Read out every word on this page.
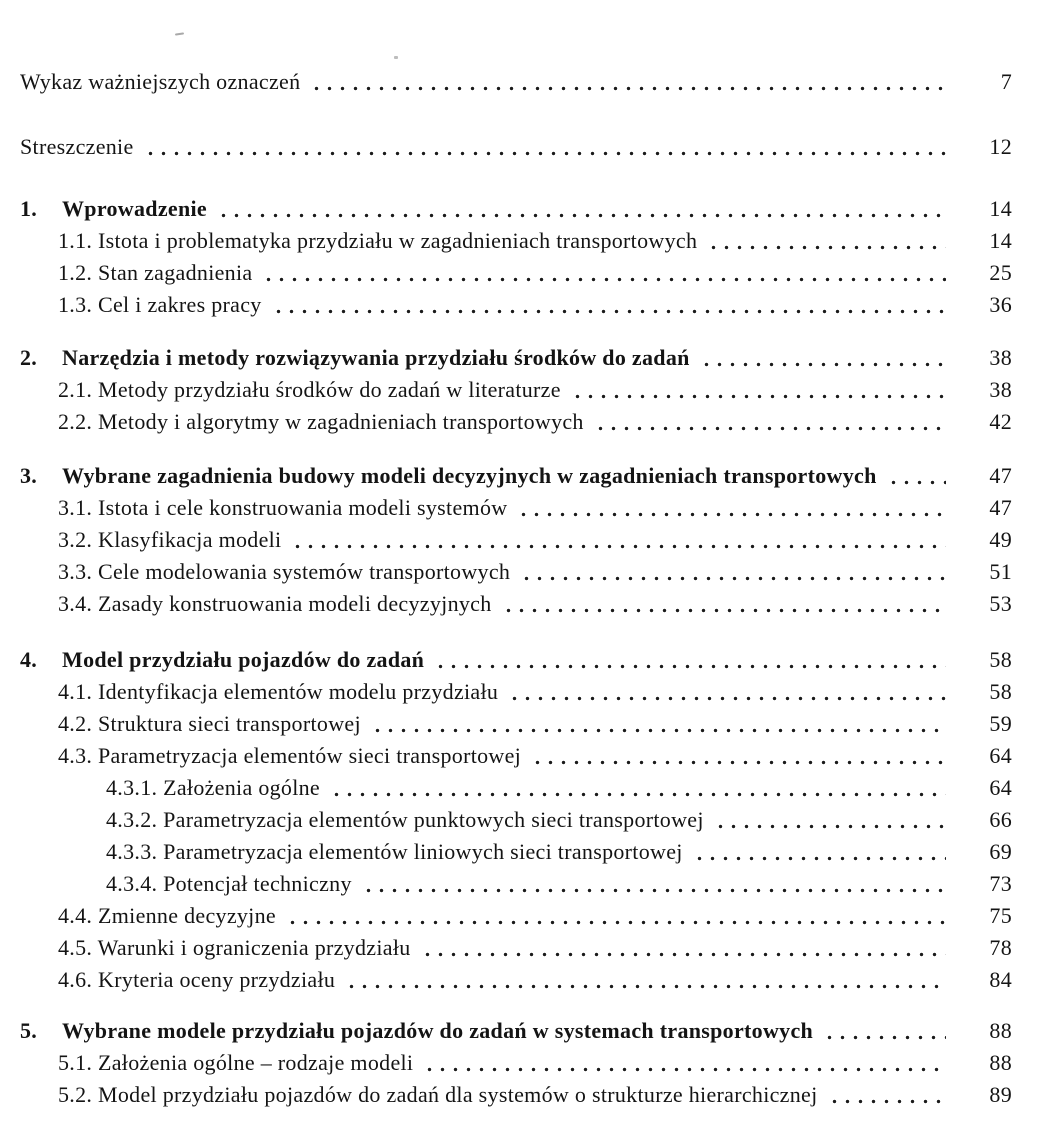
Wykaz ważniejszych oznaczeń	7
Streszczenie	12
1.	Wprowadzenie	14
1.1. Istota i problematyka przydziału w zagadnieniach transportowych	14
1.2. Stan zagadnienia	25
1.3. Cel i zakres pracy	36
2.	Narzędzia i metody rozwiązywania przydziału środków do zadań	38
2.1. Metody przydziału środków do zadań w literaturze	38
2.2. Metody i algorytmy w zagadnieniach transportowych	42
3.	Wybrane zagadnienia budowy modeli decyzyjnych w zagadnieniach transportowych	47
3.1. Istota i cele konstruowania modeli systemów	47
3.2. Klasyfikacja modeli	49
3.3. Cele modelowania systemów transportowych	51
3.4. Zasady konstruowania modeli decyzyjnych	53
4.	Model przydziału pojazdów do zadań	58
4.1. Identyfikacja elementów modelu przydziału	58
4.2. Struktura sieci transportowej	59
4.3. Parametryzacja elementów sieci transportowej	64
4.3.1. Założenia ogólne	64
4.3.2. Parametryzacja elementów punktowych sieci transportowej	66
4.3.3. Parametryzacja elementów liniowych sieci transportowej	69
4.3.4. Potencjał techniczny	73
4.4. Zmienne decyzyjne	75
4.5. Warunki i ograniczenia przydziału	78
4.6. Kryteria oceny przydziału	84
5.	Wybrane modele przydziału pojazdów do zadań w systemach transportowych	88
5.1. Założenia ogólne – rodzaje modeli	88
5.2. Model przydziału pojazdów do zadań dla systemów o strukturze hierarchicznej	89
